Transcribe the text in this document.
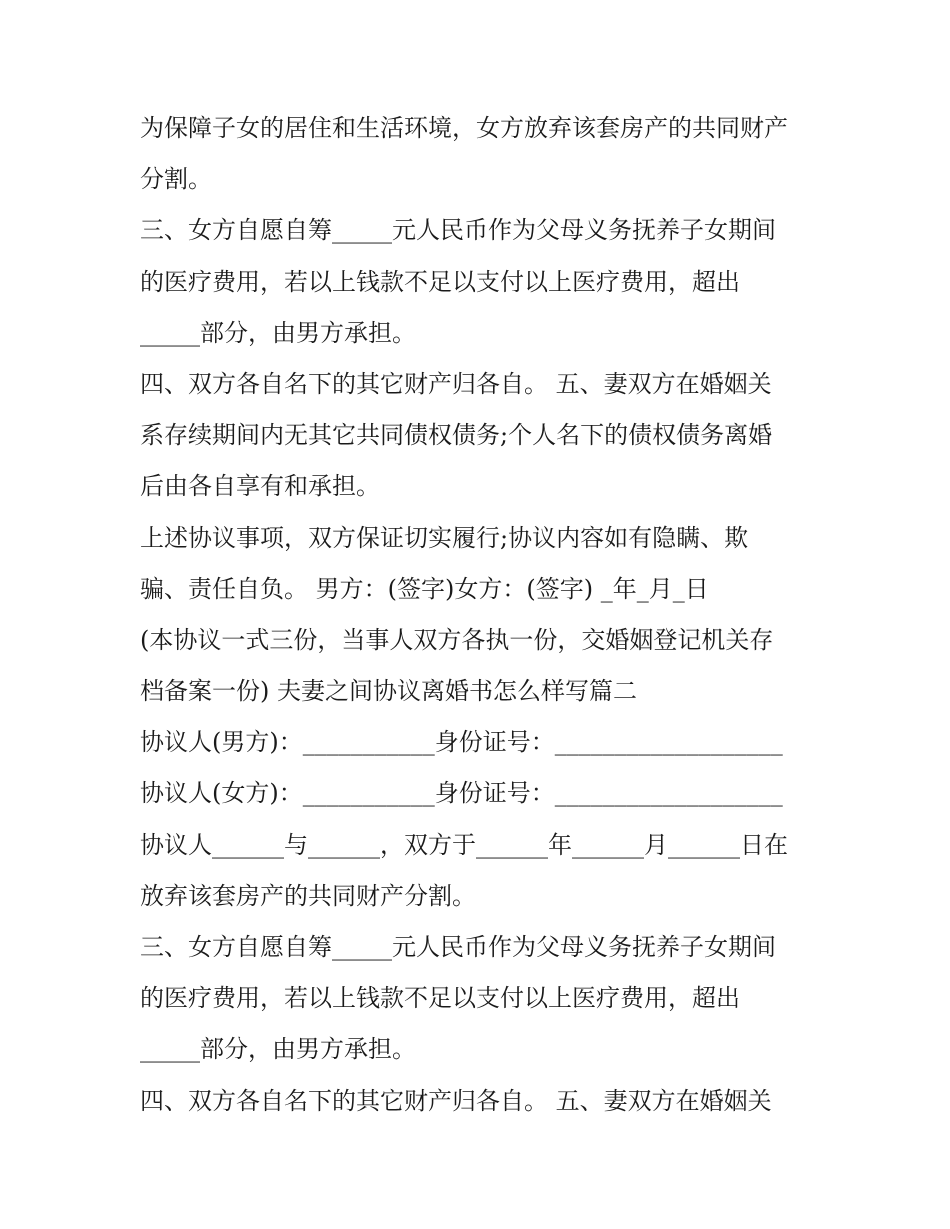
为保障子女的居住和生活环境，女方放弃该套房产的共同财产
分割。
三、女方自愿自筹_____元人民币作为父母义务抚养子女期间
的医疗费用，若以上钱款不足以支付以上医疗费用，超出
_____部分，由男方承担。
四、双方各自名下的其它财产归各自。 五、妻双方在婚姻关
系存续期间内无其它共同债权债务;个人名下的债权债务离婚
后由各自享有和承担。
上述协议事项，双方保证切实履行;协议内容如有隐瞒、欺
骗、责任自负。 男方：(签字)女方：(签字) _年_月_日
(本协议一式三份，当事人双方各执一份，交婚姻登记机关存
档备案一份) 夫妻之间协议离婚书怎么样写篇二
协议人(男方)：___________身份证号：___________________
协议人(女方)：___________身份证号：___________________
协议人______与______，双方于______年______月______日在
放弃该套房产的共同财产分割。
三、女方自愿自筹_____元人民币作为父母义务抚养子女期间
的医疗费用，若以上钱款不足以支付以上医疗费用，超出
_____部分，由男方承担。
四、双方各自名下的其它财产归各自。 五、妻双方在婚姻关
